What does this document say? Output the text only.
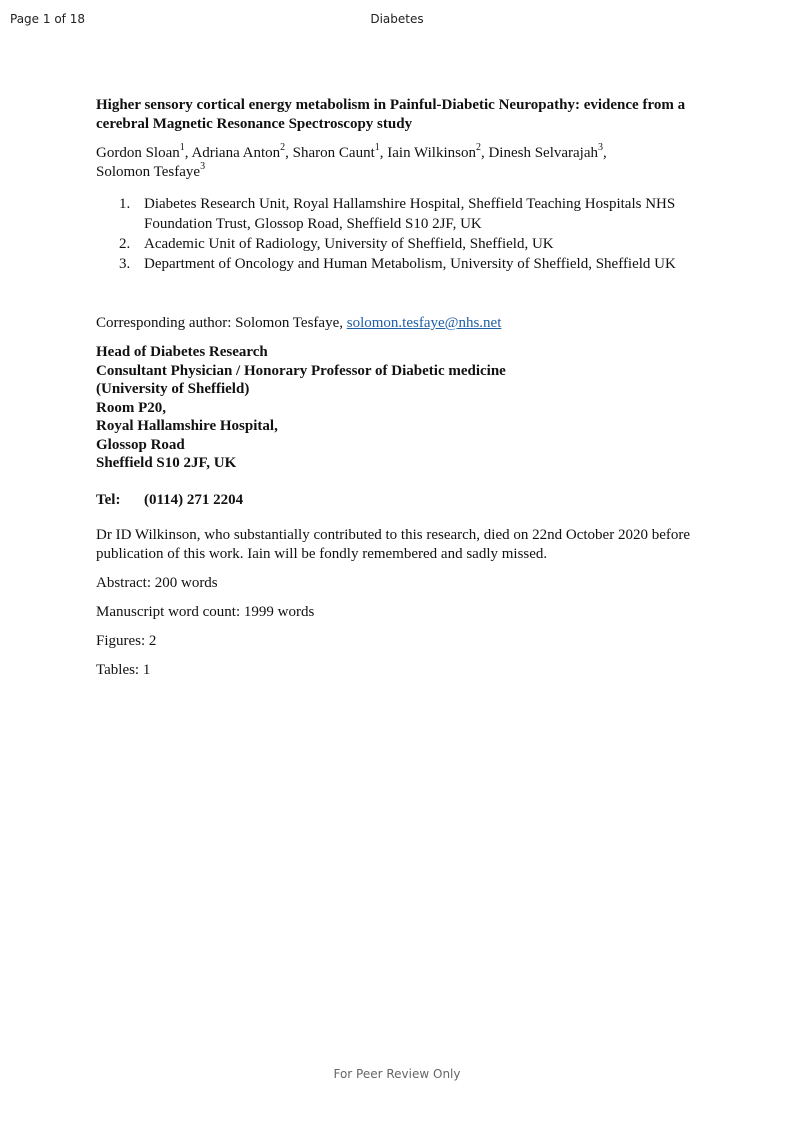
Page 1 of 18	Diabetes
Higher sensory cortical energy metabolism in Painful-Diabetic Neuropathy: evidence from a cerebral Magnetic Resonance Spectroscopy study
Gordon Sloan$^1$, Adriana Anton$^2$, Sharon Caunt$^1$, Iain Wilkinson$^2$, Dinesh Selvarajah$^3$,
Solomon Tesfaye$^3$
1. Diabetes Research Unit, Royal Hallamshire Hospital, Sheffield Teaching Hospitals NHS Foundation Trust, Glossop Road, Sheffield S10 2JF, UK
2. Academic Unit of Radiology, University of Sheffield, Sheffield, UK
3. Department of Oncology and Human Metabolism, University of Sheffield, Sheffield UK
Corresponding author: Solomon Tesfaye, solomon.tesfaye@nhs.net
Head of Diabetes Research
Consultant Physician / Honorary Professor of Diabetic medicine
(University of Sheffield)
Room P20,
Royal Hallamshire Hospital,
Glossop Road
Sheffield S10 2JF, UK
Tel: (0114) 271 2204
Dr ID Wilkinson, who substantially contributed to this research, died on 22nd October 2020 before publication of this work. Iain will be fondly remembered and sadly missed.
Abstract: 200 words
Manuscript word count: 1999 words
Figures: 2
Tables: 1
For Peer Review Only
